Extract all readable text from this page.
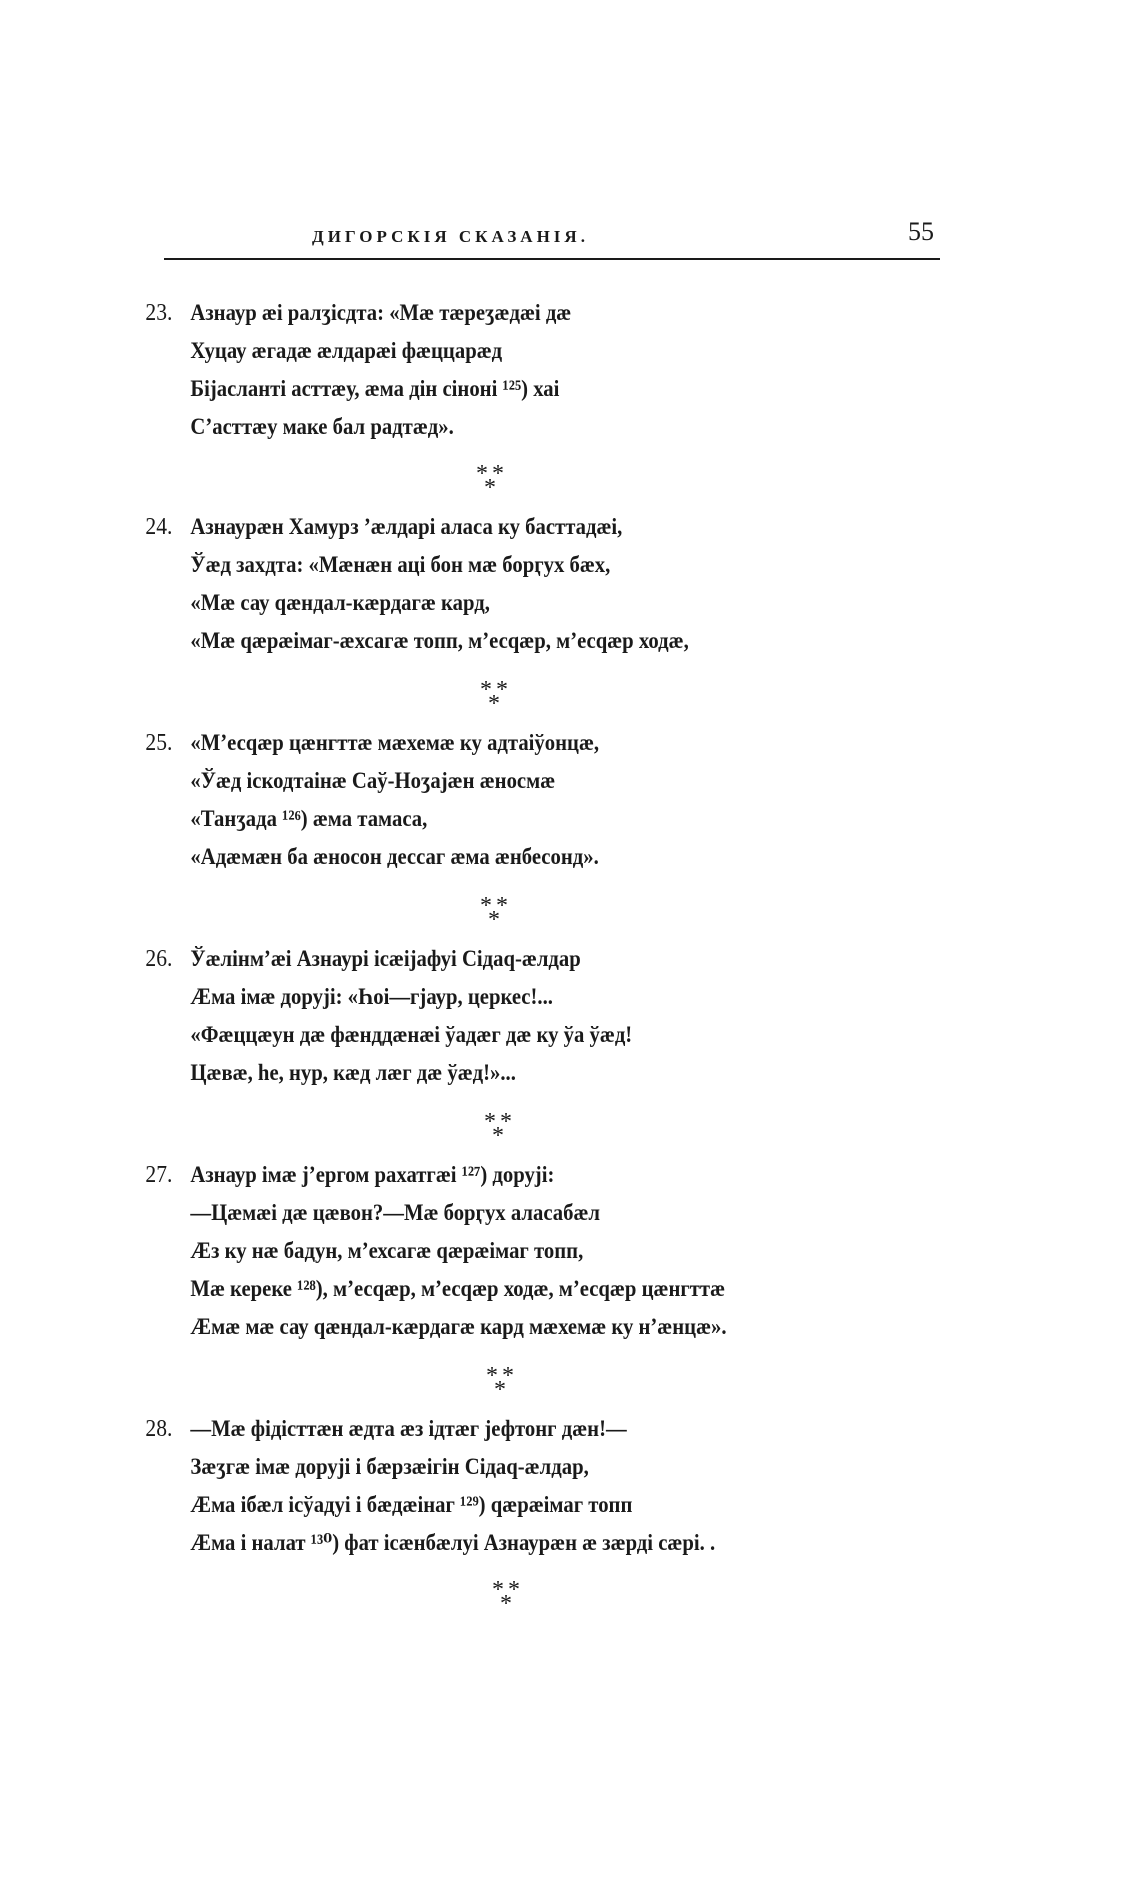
ДИГОРСКІЯ СКАЗАНІЯ.	55
23. Азнаур æі ралӡісдта: «Мæ тæреӡæдæі дæ
Хуцау æгадæ æлдарæі фæццарæд
Біјасланті асттæу, æма дін сіноні ¹²⁵) хаі
С’асттæу маке бал радтæд».
* *
*
24. Азнаурæн Хамурз ’æлдарі аласа ку басттадæі,
Ўæд захдта: «Мæнæн аці бон мæ борӷух бæх,
«Мæ сау qæндал-кæрдагæ кард,
«Мæ qæрæімаг-æхсагæ топп, м’есqæр, м’есqæр ходæ,
* *
*
25. «М’есqæр цæнгттæ мæхемæ ку адтаіўонцæ,
«Ўæд іскодтаінæ Саў-Ноӡајæн æносмæ
«Танӡада ¹²⁶) æма тамаса,
«Адæмæн ба æносон дессаг æма æнбесонд».
* *
*
26. Ўæлінм’æі Азнаурі ісæіјафуі Сідаq-æлдар
Æма імæ дорујі: «Һоі—гјаур, церкес!...
«Фæццæун дæ фæнддæнæі ўадæг дæ ку ўа ўæд!
Цæвæ, һе, нур, кæд лæг дæ ўæд!»...
* *
*
27. Азнаур імæ ј’ергом рахатгæі ¹²⁷) дорујі:
—Цæмæі дæ цæвон?—Мæ борӷух аласабæл
Æз ку нæ бадун, м’ехсагæ qæрæімаг топп,
Мæ кереке ¹²⁸), м’есqæр, м’есqæр ходæ, м’есqæр цæнгттæ
Æмæ мæ сау qæндал-кæрдагæ кард мæхемæ ку н’æнцæ».
* *
*
28. —Мæ фідісттæн æдта æз ідтæг јефтонг дæн!—
Зæӡгæ імæ дорујі і бæрзæігін Сідаq-æлдар,
Æма ібæл ісўадуі і бæдæінаг ¹²⁹) qæрæімаг топп
Æма і налат ¹³⁰) фат ісæнбæлуі Азнаурæн æ зæрді сæрі. .
* *
*
